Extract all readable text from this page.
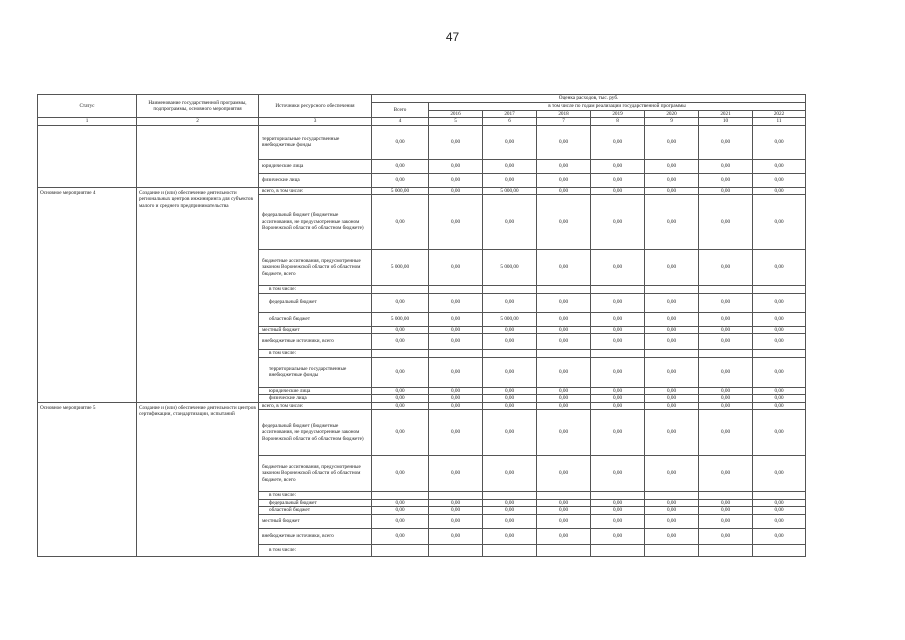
47
Статус	Наименование государственной программы, подпрограммы, основного мероприятия	Источники ресурсного обеспечения	Оценка расходов, тыс. руб.							
			Всего	в том числе по годам реализации государственной программы						
				2016	2017	2018	2019	2020	2021	2022
1	2	3	4	5	6	7	8	9	10	11
		территориальные государственные внебюджетные фонды	0,00	0,00	0,00	0,00	0,00	0,00	0,00	0,00
		юридические лица	0,00	0,00	0,00	0,00	0,00	0,00	0,00	0,00
		физические лица	0,00	0,00	0,00	0,00	0,00	0,00	0,00	0,00
Основное мероприятие 4	Создание и (или) обеспечение деятельности региональных центров инжиниринга для субъектов малого и среднего предпринимательства	всего, в том числе:	5 000,00	0,00	5 000,00	0,00	0,00	0,00	0,00	0,00
		федеральный бюджет (бюджетные ассигнования, не предусмотренные законом Воронежской области об областном бюджете)	0,00	0,00	0,00	0,00	0,00	0,00	0,00	0,00
		бюджетные ассигнования, предусмотренные законом Воронежской области об областном бюджете, всего	5 000,00	0,00	5 000,00	0,00	0,00	0,00	0,00	0,00
		в том числе:								
		федеральный бюджет	0,00	0,00	0,00	0,00	0,00	0,00	0,00	0,00
		областной бюджет	5 000,00	0,00	5 000,00	0,00	0,00	0,00	0,00	0,00
		местный бюджет	0,00	0,00	0,00	0,00	0,00	0,00	0,00	0,00
		внебюджетные источники, всего	0,00	0,00	0,00	0,00	0,00	0,00	0,00	0,00
		в том числе:								
		территориальные государственные внебюджетные фонды	0,00	0,00	0,00	0,00	0,00	0,00	0,00	0,00
		юридические лица	0,00	0,00	0,00	0,00	0,00	0,00	0,00	0,00
		физические лица	0,00	0,00	0,00	0,00	0,00	0,00	0,00	0,00
Основное мероприятие 5	Создание и (или) обеспечение деятельности центров сертификации, стандартизации, испытаний	всего, в том числе:	0,00	0,00	0,00	0,00	0,00	0,00	0,00	0,00
		федеральный бюджет (бюджетные ассигнования, не предусмотренные законом Воронежской области об областном бюджете)	0,00	0,00	0,00	0,00	0,00	0,00	0,00	0,00
		бюджетные ассигнования, предусмотренные законом Воронежской области об областном бюджете, всего	0,00	0,00	0,00	0,00	0,00	0,00	0,00	0,00
		в том числе:								
		федеральный бюджет	0,00	0,00	0,00	0,00	0,00	0,00	0,00	0,00
		областной бюджет	0,00	0,00	0,00	0,00	0,00	0,00	0,00	0,00
		местный бюджет	0,00	0,00	0,00	0,00	0,00	0,00	0,00	0,00
		внебюджетные источники, всего	0,00	0,00	0,00	0,00	0,00	0,00	0,00	0,00
		в том числе:								
